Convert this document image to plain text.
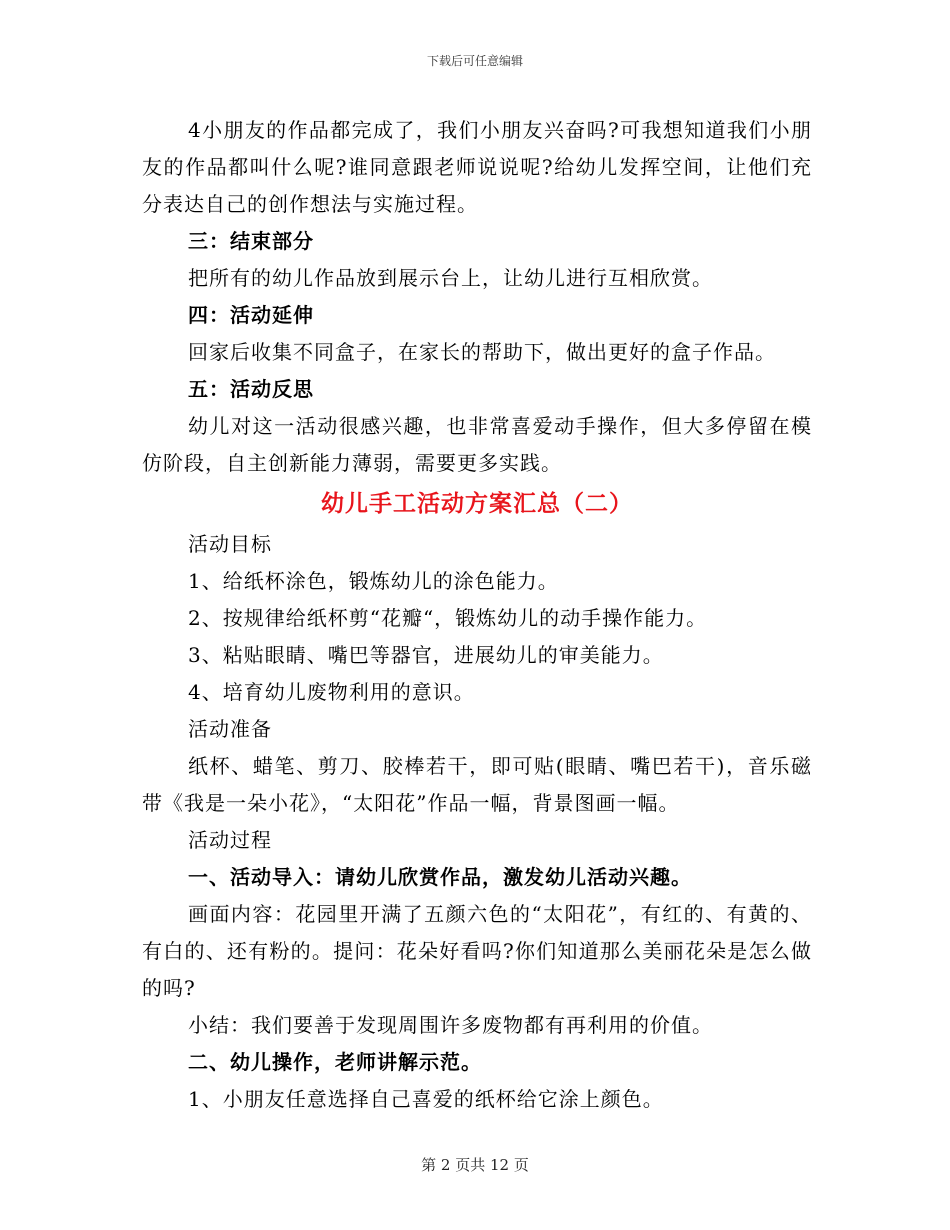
下载后可任意编辑

4小朋友的作品都完成了，我们小朋友兴奋吗?可我想知道我们小朋友的作品都叫什么呢?谁同意跟老师说说呢?给幼儿发挥空间，让他们充分表达自己的创作想法与实施过程。

三：结束部分

把所有的幼儿作品放到展示台上，让幼儿进行互相欣赏。

四：活动延伸

回家后收集不同盒子，在家长的帮助下，做出更好的盒子作品。

五：活动反思

幼儿对这一活动很感兴趣，也非常喜爱动手操作，但大多停留在模仿阶段，自主创新能力薄弱，需要更多实践。

幼儿手工活动方案汇总（二）

活动目标

1、给纸杯涂色，锻炼幼儿的涂色能力。

2、按规律给纸杯剪“花瓣“，锻炼幼儿的动手操作能力。

3、粘贴眼睛、嘴巴等器官，进展幼儿的审美能力。

4、培育幼儿废物利用的意识。

活动准备

纸杯、蜡笔、剪刀、胶棒若干，即可贴(眼睛、嘴巴若干)，音乐磁带《我是一朵小花》，“太阳花”作品一幅，背景图画一幅。

活动过程

一、活动导入：请幼儿欣赏作品，激发幼儿活动兴趣。

画面内容：花园里开满了五颜六色的“太阳花”，有红的、有黄的、有白的、还有粉的。提问：花朵好看吗?你们知道那么美丽花朵是怎么做的吗?

小结：我们要善于发现周围许多废物都有再利用的价值。

二、幼儿操作，老师讲解示范。

1、小朋友任意选择自己喜爱的纸杯给它涂上颜色。

第 2 页共 12 页
